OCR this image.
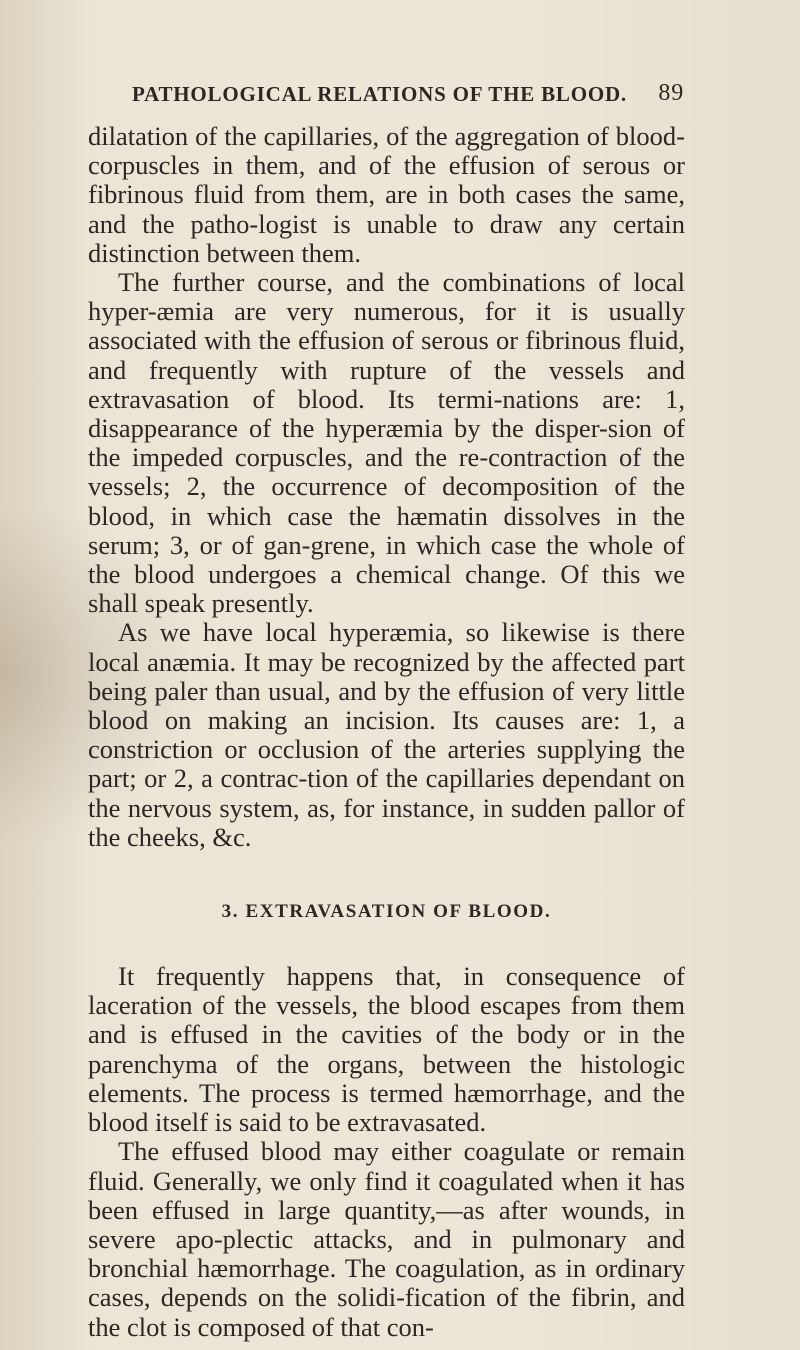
PATHOLOGICAL RELATIONS OF THE BLOOD. 89

dilatation of the capillaries, of the aggregation of blood-corpuscles in them, and of the effusion of serous or fibrinous fluid from them, are in both cases the same, and the patho-logist is unable to draw any certain distinction between them.

The further course, and the combinations of local hyper-æmia are very numerous, for it is usually associated with the effusion of serous or fibrinous fluid, and frequently with rupture of the vessels and extravasation of blood. Its termi-nations are: 1, disappearance of the hyperæmia by the disper-sion of the impeded corpuscles, and the re-contraction of the vessels; 2, the occurrence of decomposition of the blood, in which case the hæmatin dissolves in the serum; 3, or of gan-grene, in which case the whole of the blood undergoes a chemical change. Of this we shall speak presently.

As we have local hyperæmia, so likewise is there local anæmia. It may be recognized by the affected part being paler than usual, and by the effusion of very little blood on making an incision. Its causes are: 1, a constriction or occlusion of the arteries supplying the part; or 2, a contrac-tion of the capillaries dependant on the nervous system, as, for instance, in sudden pallor of the cheeks, &c.

3. EXTRAVASATION OF BLOOD.

It frequently happens that, in consequence of laceration of the vessels, the blood escapes from them and is effused in the cavities of the body or in the parenchyma of the organs, between the histologic elements. The process is termed hæmorrhage, and the blood itself is said to be extravasated.

The effused blood may either coagulate or remain fluid. Generally, we only find it coagulated when it has been effused in large quantity,—as after wounds, in severe apo-plectic attacks, and in pulmonary and bronchial hæmorrhage. The coagulation, as in ordinary cases, depends on the solidi-fication of the fibrin, and the clot is composed of that con-
